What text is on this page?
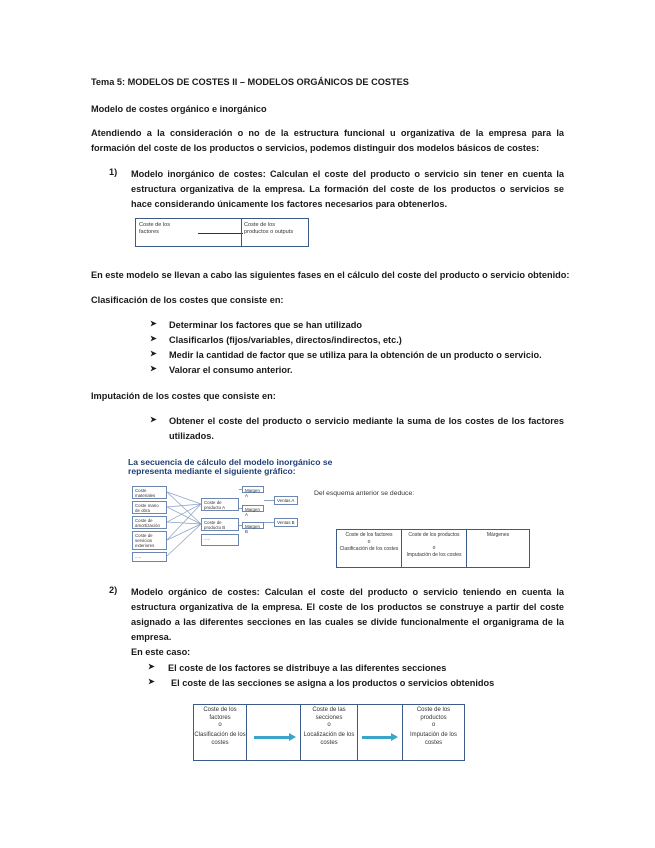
Tema 5: MODELOS DE COSTES II – MODELOS ORGÁNICOS DE COSTES
Modelo de costes orgánico e inorgánico
Atendiendo a la consideración o no de la estructura funcional u organizativa de la empresa para la formación del coste de los productos o servicios, podemos distinguir dos modelos básicos de costes:
1) Modelo inorgánico de costes: Calculan el coste del producto o servicio sin tener en cuenta la estructura organizativa de la empresa. La formación del coste de los productos o servicios se hace considerando únicamente los factores necesarios para obtenerlos.
Coste de los factores
Coste de los productos o outputs
En este modelo se llevan a cabo las siguientes fases en el cálculo del coste del producto o servicio obtenido:
Clasificación de los costes que consiste en:
➤ Determinar los factores que se han utilizado
➤ Clasificarlos (fijos/variables, directos/indirectos, etc.)
➤ Medir la cantidad de factor que se utiliza para la obtención de un producto o servicio.
➤ Valorar el consumo anterior.
Imputación de los costes que consiste en:
➤ Obtener el coste del producto o servicio mediante la suma de los costes de los factores utilizados.
La secuencia de cálculo del modelo inorgánico se
representa mediante el siguiente gráfico:
Coste materiales
Coste mano de obra
Coste de amortización
Coste de servicios exteriores
.....
Coste de producto A
Coste de producto B
.....
Margen A
Margen A
Margen B
Ventas A
Ventas B
Del esquema anterior se deduce:
Coste de los factores
o
Clasificación de los costes
Coste de los productos
o
Imputación de los costes
Márgenes
2) Modelo orgánico de costes: Calculan el coste del producto o servicio teniendo en cuenta la estructura organizativa de la empresa. El coste de los productos se construye a partir del coste asignado a las diferentes secciones en las cuales se divide funcionalmente el organigrama de la empresa.
En este caso:
➤ El coste de los factores se distribuye a las diferentes secciones
➤ El coste de las secciones se asigna a los productos o servicios obtenidos
Coste de los factores
o
Clasificación de los costes
Coste de las secciones
o
Localización de los costes
Coste de los productos
o
Imputación de los costes
